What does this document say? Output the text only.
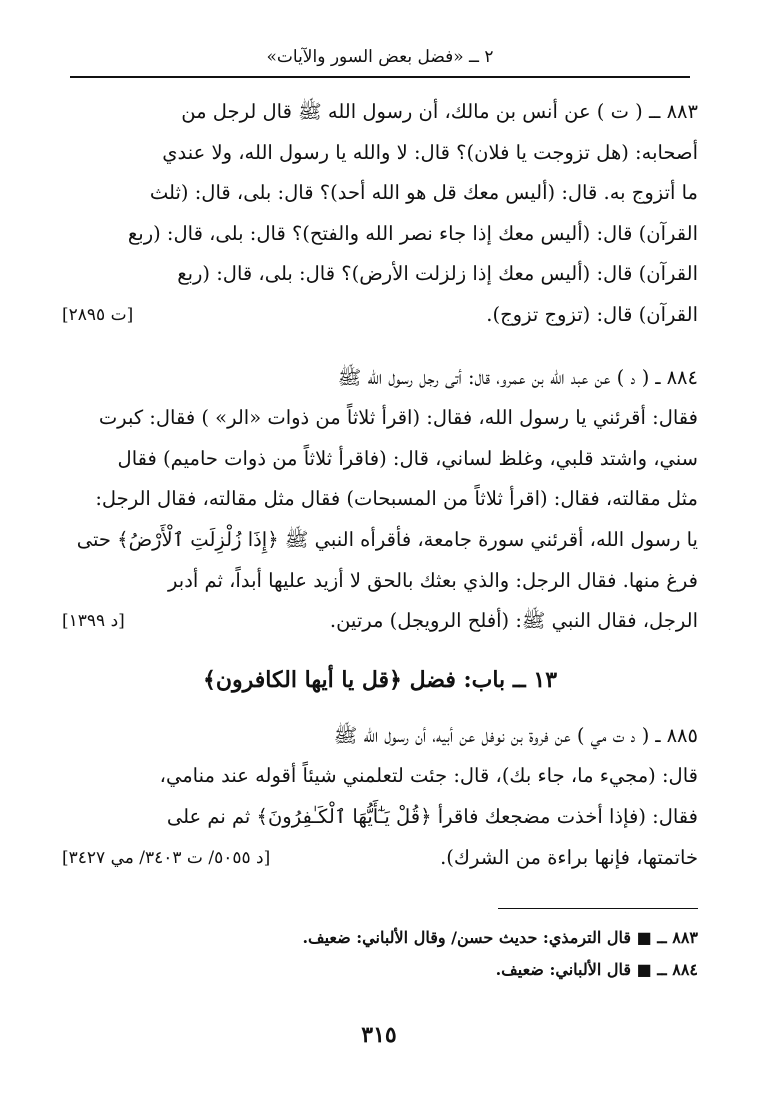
٢ ــ «فضل بعض السور والآيات»
٨٨٣ ــ ( ت ) عن أنس بن مالك، أن رسول الله ﷺ قال لرجل من
أصحابه: (هل تزوجت يا فلان)؟ قال: لا والله يا رسول الله، ولا عندي
ما أتزوج به. قال: (أليس معك قل هو الله أحد)؟ قال: بلى، قال: (ثلث
القرآن) قال: (أليس معك إذا جاء نصر الله والفتح)؟ قال: بلى، قال: (ربع
القرآن) قال: (أليس معك إذا زلزلت الأرض)؟ قال: بلى، قال: (ربع
القرآن) قال: (تزوج تزوج).
[ت ٢٨٩٥]
٨٨٤ ــ ( د ) عن عبد الله بن عمرو، قال: أتى رجل رسول الله ﷺ
فقال: أقرئني يا رسول الله، فقال: (اقرأ ثلاثاً من ذوات «الر» ) فقال: كبرت
سني، واشتد قلبي، وغلظ لساني، قال: (فاقرأ ثلاثاً من ذوات حاميم) فقال
مثل مقالته، فقال: (اقرأ ثلاثاً من المسبحات) فقال مثل مقالته، فقال الرجل:
يا رسول الله، أقرئني سورة جامعة، فأقرأه النبي ﷺ ﴿إِذَا زُلْزِلَتِ ٱلْأَرْضُ﴾ حتى
فرغ منها. فقال الرجل: والذي بعثك بالحق لا أزيد عليها أبداً، ثم أدبر
الرجل، فقال النبي ﷺ: (أفلح الرويجل) مرتين.
[د ١٣٩٩]
١٣ ــ باب: فضل ﴿قل يا أيها الكافرون﴾
٨٨٥ ــ ( د ت مي ) عن فروة بن نوفل عن أبيه، أن رسول الله ﷺ
قال: (مجيء ما، جاء بك)، قال: جئت لتعلمني شيئاً أقوله عند منامي،
فقال: (فإذا أخذت مضجعك فاقرأ ﴿قُلْ يَـٰٓأَيُّهَا ٱلْكَـٰفِرُونَ﴾ ثم نم على
خاتمتها، فإنها براءة من الشرك).
[د ٥٠٥٥/ ت ٣٤٠٣/ مي ٣٤٢٧]
٨٨٣ ــ ■ قال الترمذي: حديث حسن/ وقال الألباني: ضعيف.
٨٨٤ ــ ■ قال الألباني: ضعيف.
٣١٥
